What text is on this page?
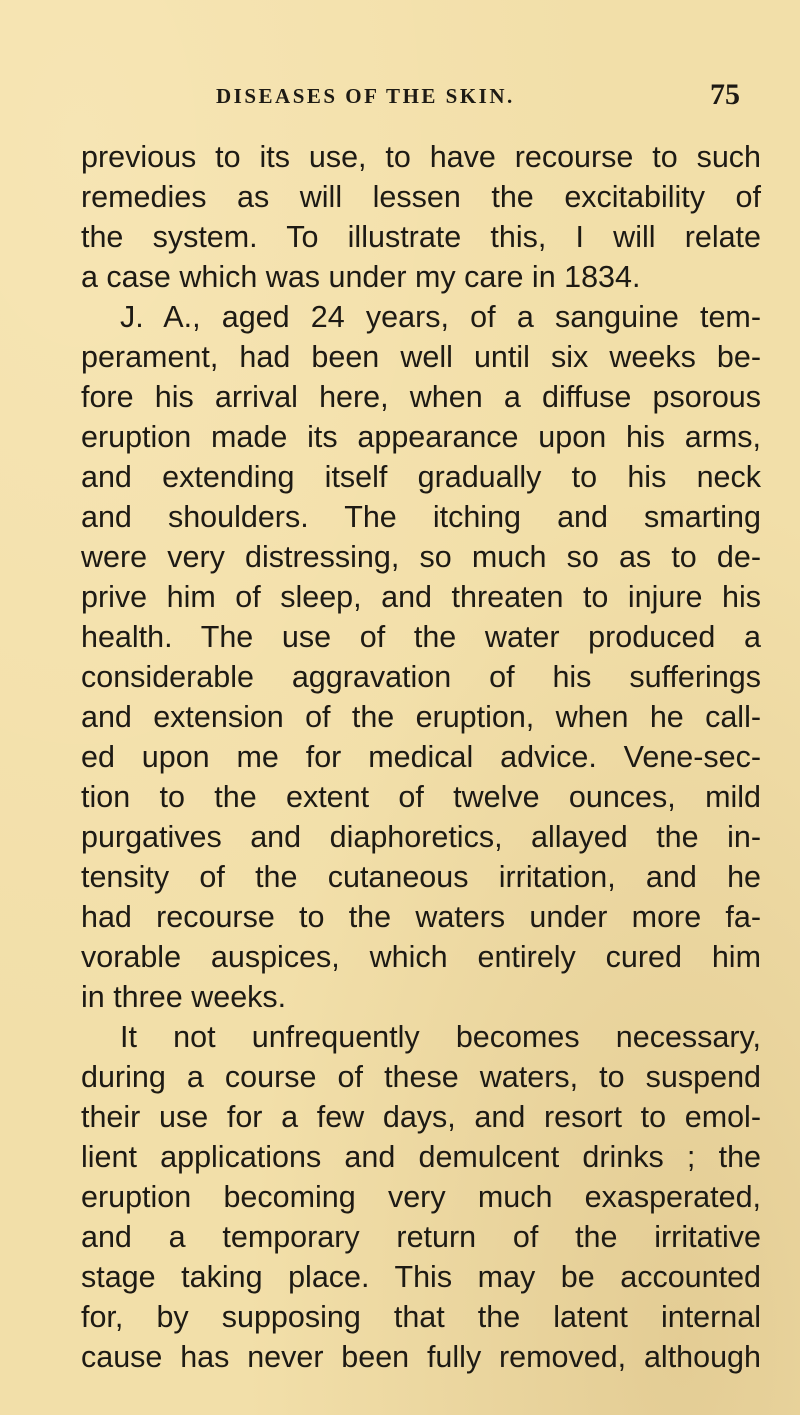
DISEASES OF THE SKIN.	75
previous to its use, to have recourse to such
remedies as will lessen the excitability of
the system. To illustrate this, I will relate
a case which was under my care in 1834.
J. A., aged 24 years, of a sanguine tem-
perament, had been well until six weeks be-
fore his arrival here, when a diffuse psorous
eruption made its appearance upon his arms,
and extending itself gradually to his neck
and shoulders. The itching and smarting
were very distressing, so much so as to de-
prive him of sleep, and threaten to injure his
health. The use of the water produced a
considerable aggravation of his sufferings
and extension of the eruption, when he call-
ed upon me for medical advice. Vene-sec-
tion to the extent of twelve ounces, mild
purgatives and diaphoretics, allayed the in-
tensity of the cutaneous irritation, and he
had recourse to the waters under more fa-
vorable auspices, which entirely cured him
in three weeks.
It not unfrequently becomes necessary,
during a course of these waters, to suspend
their use for a few days, and resort to emol-
lient applications and demulcent drinks ; the
eruption becoming very much exasperated,
and a temporary return of the irritative
stage taking place. This may be accounted
for, by supposing that the latent internal
cause has never been fully removed, although
